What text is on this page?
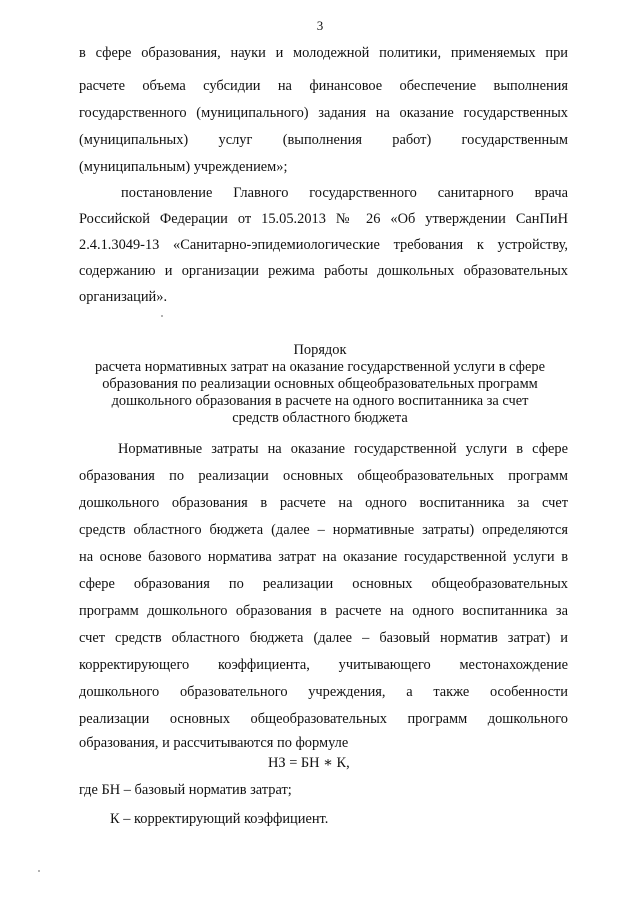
3
в сфере образования, науки и молодежной политики, применяемых при
расчете объема субсидии на финансовое обеспечение выполнения
государственного (муниципального) задания на оказание государственных
(муниципальных) услуг (выполнения работ) государственным
(муниципальным) учреждением»;
постановление Главного государственного санитарного врача
Российской Федерации от 15.05.2013 № 26 «Об утверждении СанПиН
2.4.1.3049-13 «Санитарно-эпидемиологические требования к устройству,
содержанию и организации режима работы дошкольных образовательных
организаций».
Порядок
расчета нормативных затрат на оказание государственной услуги в сфере
образования по реализации основных общеобразовательных программ
дошкольного образования в расчете на одного воспитанника за счет
средств областного бюджета
Нормативные затраты на оказание государственной услуги в сфере
образования по реализации основных общеобразовательных программ
дошкольного образования в расчете на одного воспитанника за счет
средств областного бюджета (далее – нормативные затраты) определяются
на основе базового норматива затрат на оказание государственной услуги в
сфере образования по реализации основных общеобразовательных
программ дошкольного образования в расчете на одного воспитанника за
счет средств областного бюджета (далее – базовый норматив затрат) и
корректирующего коэффициента, учитывающего местонахождение
дошкольного образовательного учреждения, а также особенности
реализации основных общеобразовательных программ дошкольного
образования, и рассчитываются по формуле
НЗ = БН ∗ К,
где БН – базовый норматив затрат;
К – корректирующий коэффициент.
